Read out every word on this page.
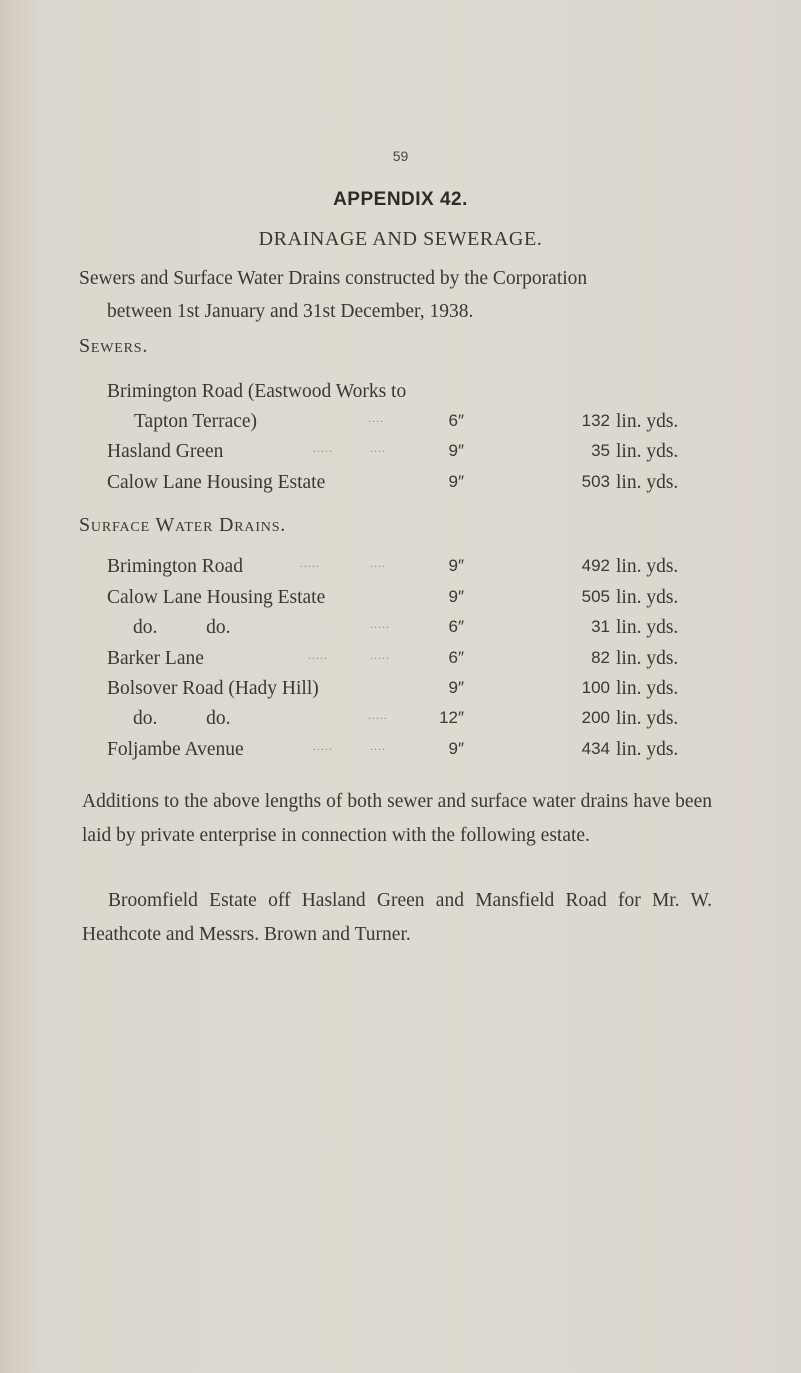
59
APPENDIX 42.
DRAINAGE AND SEWERAGE.
Sewers and Surface Water Drains constructed by the Corporation
between 1st January and 31st December, 1938.
Sewers.
Brimington Road (Eastwood Works to
Tapton Terrace)	....	6″	132 lin. yds.
Hasland Green	.....	....	9″	35 lin. yds.
Calow Lane Housing Estate	9″	503 lin. yds.
Surface Water Drains.
Brimington Road	.....	....	9″	492 lin. yds.
Calow Lane Housing Estate	9″	505 lin. yds.
do.          do.	.....	6″	31 lin. yds.
Barker Lane	.....	.....	6″	82 lin. yds.
Bolsover Road (Hady Hill)	9″	100 lin. yds.
do.          do.	.....	12″	200 lin. yds.
Foljambe Avenue	.....	....	9″	434 lin. yds.
Additions to the above lengths of both sewer and surface water drains have been laid by private enterprise in connection with the following estate.
Broomfield Estate off Hasland Green and Mansfield Road for Mr. W. Heathcote and Messrs. Brown and Turner.
